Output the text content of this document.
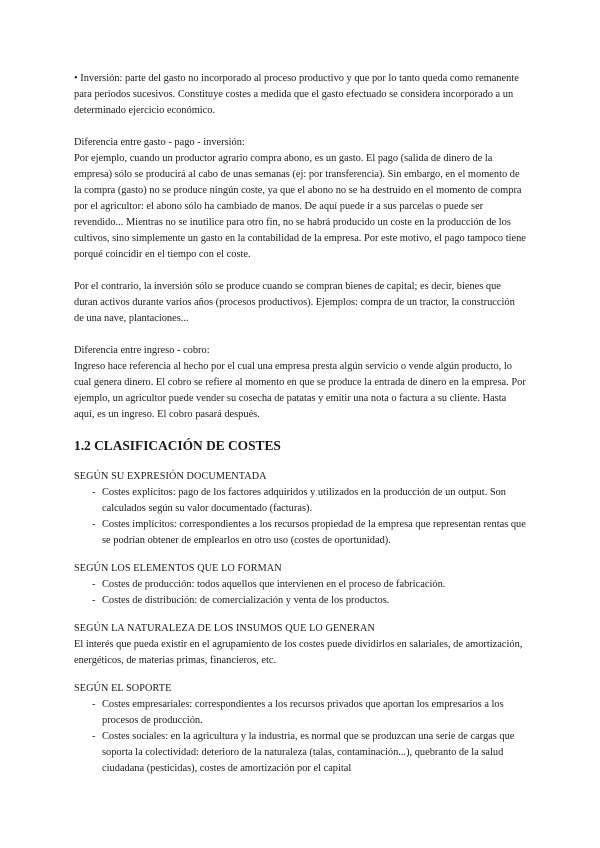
• Inversión: parte del gasto no incorporado al proceso productivo y que por lo tanto queda como remanente para periodos sucesivos. Constituye costes a medida que el gasto efectuado se considera incorporado a un determinado ejercicio económico.

Diferencia entre gasto - pago - inversión:

Por ejemplo, cuando un productor agrario compra abono, es un gasto. El pago (salida de dinero de la empresa) sólo se producirá al cabo de unas semanas (ej: por transferencia). Sin embargo, en el momento de la compra (gasto) no se produce ningún coste, ya que el abono no se ha destruido en el momento de compra por el agricultor: el abono sólo ha cambiado de manos. De aquí puede ir a sus parcelas o puede ser revendido... Mientras no se inutilice para otro fin, no se habrá producido un coste en la producción de los cultivos, sino simplemente un gasto en la contabilidad de la empresa. Por este motivo, el pago tampoco tiene porqué coincidir en el tiempo con el coste.

Por el contrario, la inversión sólo se produce cuando se compran bienes de capital; es decir, bienes que duran activos durante varios años (procesos productivos). Ejemplos: compra de un tractor, la construcción de una nave, plantaciones...

Diferencia entre ingreso - cobro:

Ingreso hace referencia al hecho por el cual una empresa presta algún servicio o vende algún producto, lo cual genera dinero. El cobro se refiere al momento en que se produce la entrada de dinero en la empresa. Por ejemplo, un agricultor puede vender su cosecha de patatas y emitir una nota o factura a su cliente. Hasta aquí, es un ingreso. El cobro pasará después.

1.2 CLASIFICACIÓN DE COSTES

SEGÚN SU EXPRESIÓN DOCUMENTADA

- Costes explícitos: pago de los factores adquiridos y utilizados en la producción de un output. Son calculados según su valor documentado (facturas).
- Costes implícitos: correspondientes a los recursos propiedad de la empresa que representan rentas que se podrían obtener de emplearlos en otro uso (costes de oportunidad).

SEGÚN LOS ELEMENTOS QUE LO FORMAN

- Costes de producción: todos aquellos que intervienen en el proceso de fabricación.
- Costes de distribución: de comercialización y venta de los productos.

SEGÚN LA NATURALEZA DE LOS INSUMOS QUE LO GENERAN

El interés que pueda existir en el agrupamiento de los costes puede dividirlos en salariales, de amortización, energéticos, de materias primas, financieros, etc.

SEGÚN EL SOPORTE

- Costes empresariales: correspondientes a los recursos privados que aportan los empresarios a los procesos de producción.
- Costes sociales: en la agricultura y la industria, es normal que se produzcan una serie de cargas que soporta la colectividad: deterioro de la naturaleza (talas, contaminación...), quebranto de la salud ciudadana (pesticidas), costes de amortización por el capital
